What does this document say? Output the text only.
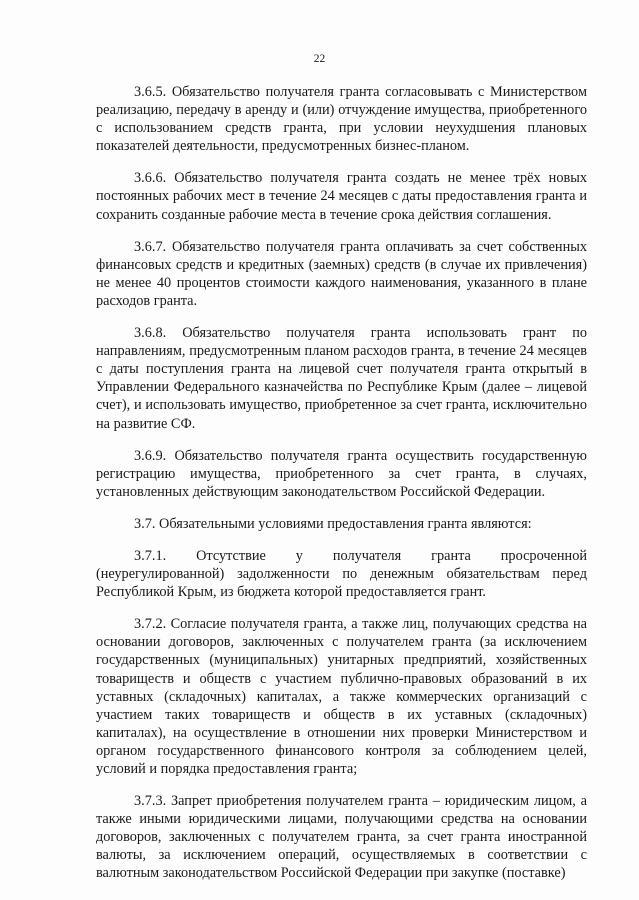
22

3.6.5. Обязательство получателя гранта согласовывать с Министерством реализацию, передачу в аренду и (или) отчуждение имущества, приобретенного с использованием средств гранта, при условии неухудшения плановых показателей деятельности, предусмотренных бизнес-планом.

3.6.6. Обязательство получателя гранта создать не менее трёх новых постоянных рабочих мест в течение 24 месяцев с даты предоставления гранта и сохранить созданные рабочие места в течение срока действия соглашения.

3.6.7. Обязательство получателя гранта оплачивать за счет собственных финансовых средств и кредитных (заемных) средств (в случае их привлечения) не менее 40 процентов стоимости каждого наименования, указанного в плане расходов гранта.

3.6.8. Обязательство получателя гранта использовать грант по направлениям, предусмотренным планом расходов гранта, в течение 24 месяцев с даты поступления гранта на лицевой счет получателя гранта открытый в Управлении Федерального казначейства по Республике Крым (далее – лицевой счет), и использовать имущество, приобретенное за счет гранта, исключительно на развитие СФ.

3.6.9. Обязательство получателя гранта осуществить государственную регистрацию имущества, приобретенного за счет гранта, в случаях, установленных действующим законодательством Российской Федерации.

3.7. Обязательными условиями предоставления гранта являются:

3.7.1. Отсутствие у получателя гранта просроченной (неурегулированной) задолженности по денежным обязательствам перед Республикой Крым, из бюджета которой предоставляется грант.

3.7.2. Согласие получателя гранта, а также лиц, получающих средства на основании договоров, заключенных с получателем гранта (за исключением государственных (муниципальных) унитарных предприятий, хозяйственных товариществ и обществ с участием публично-правовых образований в их уставных (складочных) капиталах, а также коммерческих организаций с участием таких товариществ и обществ в их уставных (складочных) капиталах), на осуществление в отношении них проверки Министерством и органом государственного финансового контроля за соблюдением целей, условий и порядка предоставления гранта;

3.7.3. Запрет приобретения получателем гранта – юридическим лицом, а также иными юридическими лицами, получающими средства на основании договоров, заключенных с получателем гранта, за счет гранта иностранной валюты, за исключением операций, осуществляемых в соответствии с валютным законодательством Российской Федерации при закупке (поставке)
